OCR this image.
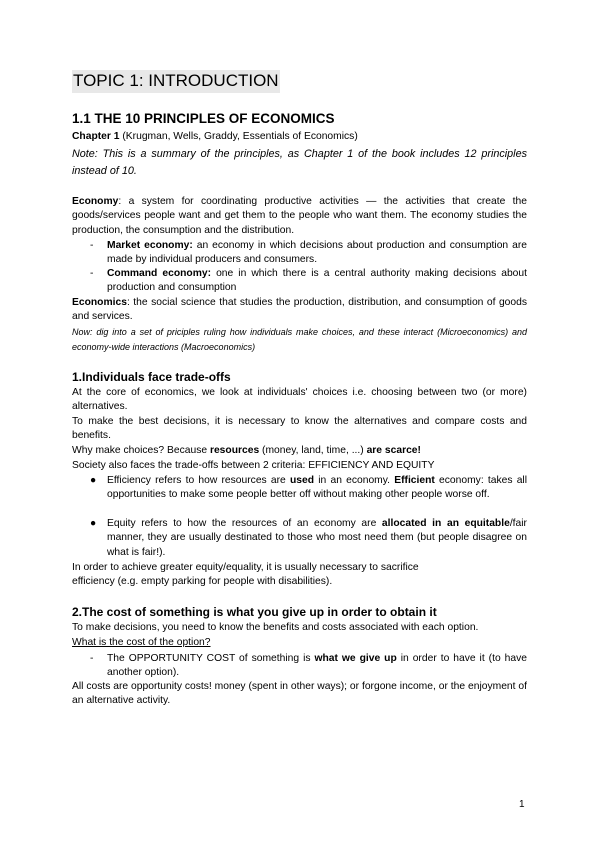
TOPIC 1: INTRODUCTION
1.1 THE 10 PRINCIPLES OF ECONOMICS
Chapter 1 (Krugman, Wells, Graddy, Essentials of Economics)
Note: This is a summary of the principles, as Chapter 1 of the book includes 12 principles instead of 10.
Economy: a system for coordinating productive activities — the activities that create the goods/services people want and get them to the people who want them. The economy studies the production, the consumption and the distribution.
- Market economy: an economy in which decisions about production and consumption are made by individual producers and consumers.
- Command economy: one in which there is a central authority making decisions about production and consumption
Economics: the social science that studies the production, distribution, and consumption of goods and services.
Now: dig into a set of priciples ruling how individuals make choices, and these interact (Microeconomics) and economy-wide interactions (Macroeconomics)
1.Individuals face trade-offs
At the core of economics, we look at individuals' choices i.e. choosing between two (or more) alternatives.
To make the best decisions, it is necessary to know the alternatives and compare costs and benefits.
Why make choices? Because resources (money, land, time, ...) are scarce!
Society also faces the trade-offs between 2 criteria: EFFICIENCY AND EQUITY
● Efficiency refers to how resources are used in an economy. Efficient economy: takes all opportunities to make some people better off without making other people worse off.
● Equity refers to how the resources of an economy are allocated in an equitable/fair manner, they are usually destinated to those who most need them (but people disagree on what is fair!).
In order to achieve greater equity/equality, it is usually necessary to sacrifice
efficiency (e.g. empty parking for people with disabilities).
2.The cost of something is what you give up in order to obtain it
To make decisions, you need to know the benefits and costs associated with each option.
What is the cost of the option?
- The OPPORTUNITY COST of something is what we give up in order to have it (to have another option).
All costs are opportunity costs! money (spent in other ways); or forgone income, or the enjoyment of an alternative activity.
1
